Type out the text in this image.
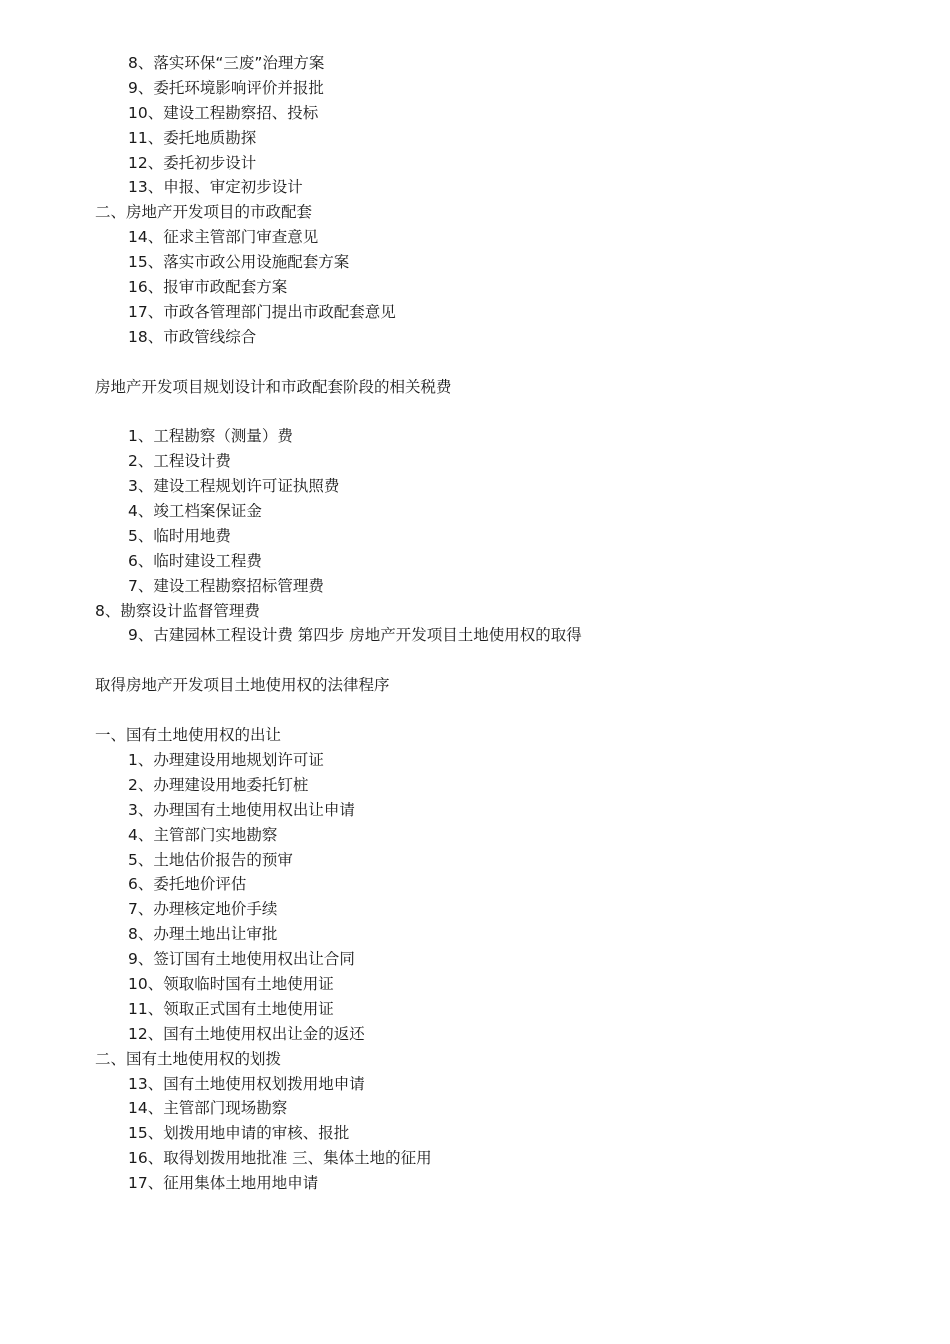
8、落实环保“三废”治理方案
9、委托环境影响评价并报批
10、建设工程勘察招、投标
11、委托地质勘探
12、委托初步设计
13、申报、审定初步设计
二、房地产开发项目的市政配套
14、征求主管部门审查意见
15、落实市政公用设施配套方案
16、报审市政配套方案
17、市政各管理部门提出市政配套意见
18、市政管线综合
房地产开发项目规划设计和市政配套阶段的相关税费
1、工程勘察（测量）费
2、工程设计费
3、建设工程规划许可证执照费
4、竣工档案保证金
5、临时用地费
6、临时建设工程费
7、建设工程勘察招标管理费
8、勘察设计监督管理费
9、古建园林工程设计费 第四步 房地产开发项目土地使用权的取得
取得房地产开发项目土地使用权的法律程序
一、国有土地使用权的出让
1、办理建设用地规划许可证
2、办理建设用地委托钉桩
3、办理国有土地使用权出让申请
4、主管部门实地勘察
5、土地估价报告的预审
6、委托地价评估
7、办理核定地价手续
8、办理土地出让审批
9、签订国有土地使用权出让合同
10、领取临时国有土地使用证
11、领取正式国有土地使用证
12、国有土地使用权出让金的返还
二、国有土地使用权的划拨
13、国有土地使用权划拨用地申请
14、主管部门现场勘察
15、划拨用地申请的审核、报批
16、取得划拨用地批准 三、集体土地的征用
17、征用集体土地用地申请
